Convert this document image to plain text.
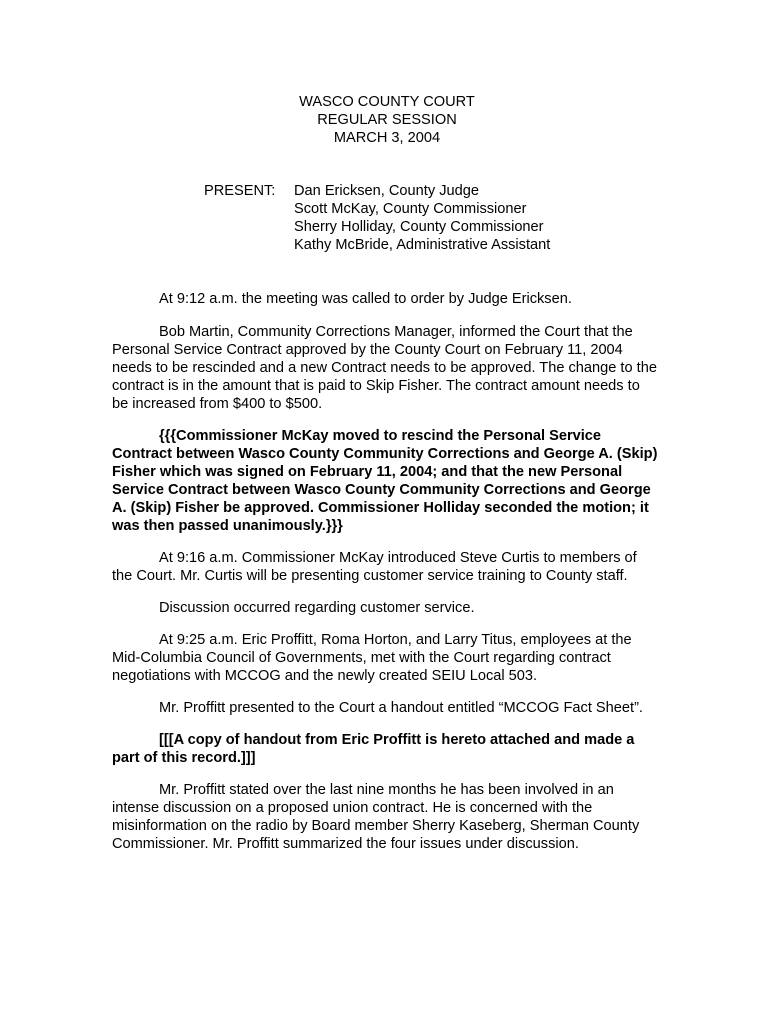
WASCO COUNTY COURT
REGULAR SESSION
MARCH 3, 2004
PRESENT:	Dan Ericksen, County Judge
Scott McKay, County Commissioner
Sherry Holliday, County Commissioner
Kathy McBride, Administrative Assistant

At 9:12 a.m. the meeting was called to order by Judge Ericksen.

Bob Martin, Community Corrections Manager, informed the Court that the Personal Service Contract approved by the County Court on February 11, 2004 needs to be rescinded and a new Contract needs to be approved. The change to the contract is in the amount that is paid to Skip Fisher. The contract amount needs to be increased from $400 to $500.

{{{Commissioner McKay moved to rescind the Personal Service Contract between Wasco County Community Corrections and George A. (Skip) Fisher which was signed on February 11, 2004; and that the new Personal Service Contract between Wasco County Community Corrections and George A. (Skip) Fisher be approved. Commissioner Holliday seconded the motion; it was then passed unanimously.}}}

At 9:16 a.m. Commissioner McKay introduced Steve Curtis to members of the Court. Mr. Curtis will be presenting customer service training to County staff.

Discussion occurred regarding customer service.

At 9:25 a.m. Eric Proffitt, Roma Horton, and Larry Titus, employees at the Mid-Columbia Council of Governments, met with the Court regarding contract negotiations with MCCOG and the newly created SEIU Local 503.

Mr. Proffitt presented to the Court a handout entitled “MCCOG Fact Sheet”.

[[[A copy of handout from Eric Proffitt is hereto attached and made a part of this record.]]]

Mr. Proffitt stated over the last nine months he has been involved in an intense discussion on a proposed union contract. He is concerned with the misinformation on the radio by Board member Sherry Kaseberg, Sherman County Commissioner. Mr. Proffitt summarized the four issues under discussion.
